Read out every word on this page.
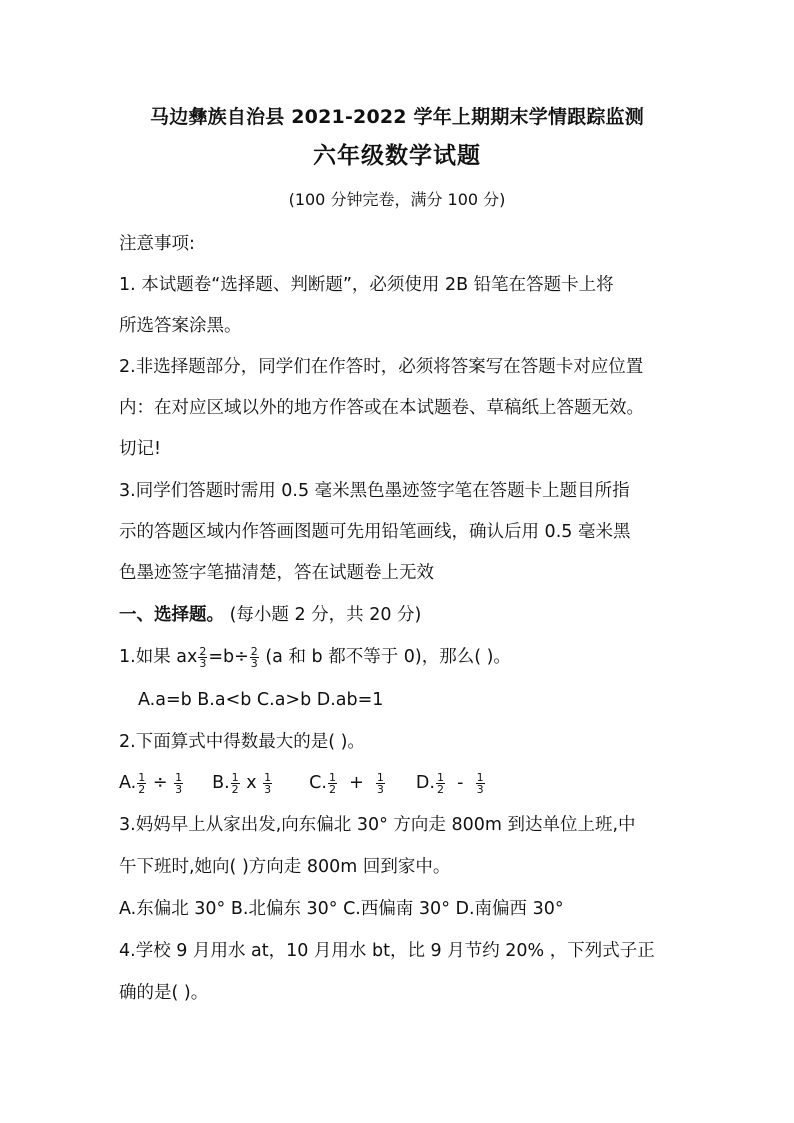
马边彝族自治县 2021-2022 学年上期期末学情跟踪监测
六年级数学试题
(100 分钟完卷，满分 100 分)
注意事项:
1. 本试题卷“选择题、判断题”，必须使用 2B 铅笔在答题卡上将
所选答案涂黑。
2.非选择题部分，同学们在作答时，必须将答案写在答题卡对应位置
内：在对应区域以外的地方作答或在本试题卷、草稿纸上答题无效。
切记!
3.同学们答题时需用 0.5 毫米黑色墨迹签字笔在答题卡上题目所指
示的答题区域内作答画图题可先用铅笔画线，确认后用 0.5 毫米黑
色墨迹签字笔描清楚，答在试题卷上无效
一、选择题。 (每小题 2 分，共 20 分)
1.如果 ax $\frac{2}{3} =b\div \frac{2}{3} (a$ 和 b 都不等于 0)，那么( )。
A.a=b B.a<b C.a>b D.ab=1
2.下面算式中得数最大的是( )。
A. $\frac{1}{2} \div \frac{1}{3} B$. $\frac{1}{2}$ x $\frac{1}{3} C$. $\frac{1}{2} + \frac{1}{3} D$. $\frac{1}{2} - \frac{1}{3}$
3.妈妈早上从家出发,向东偏北 30° 方向走 800m 到达单位上班,中
午下班时,她向( )方向走 800m 回到家中。
A.东偏北 30° B.北偏东 30° C.西偏南 30° D.南偏西 30°
4.学校 9 月用水 at，10 月用水 bt，比 9 月节约 20% ，下列式子正
确的是( )。
